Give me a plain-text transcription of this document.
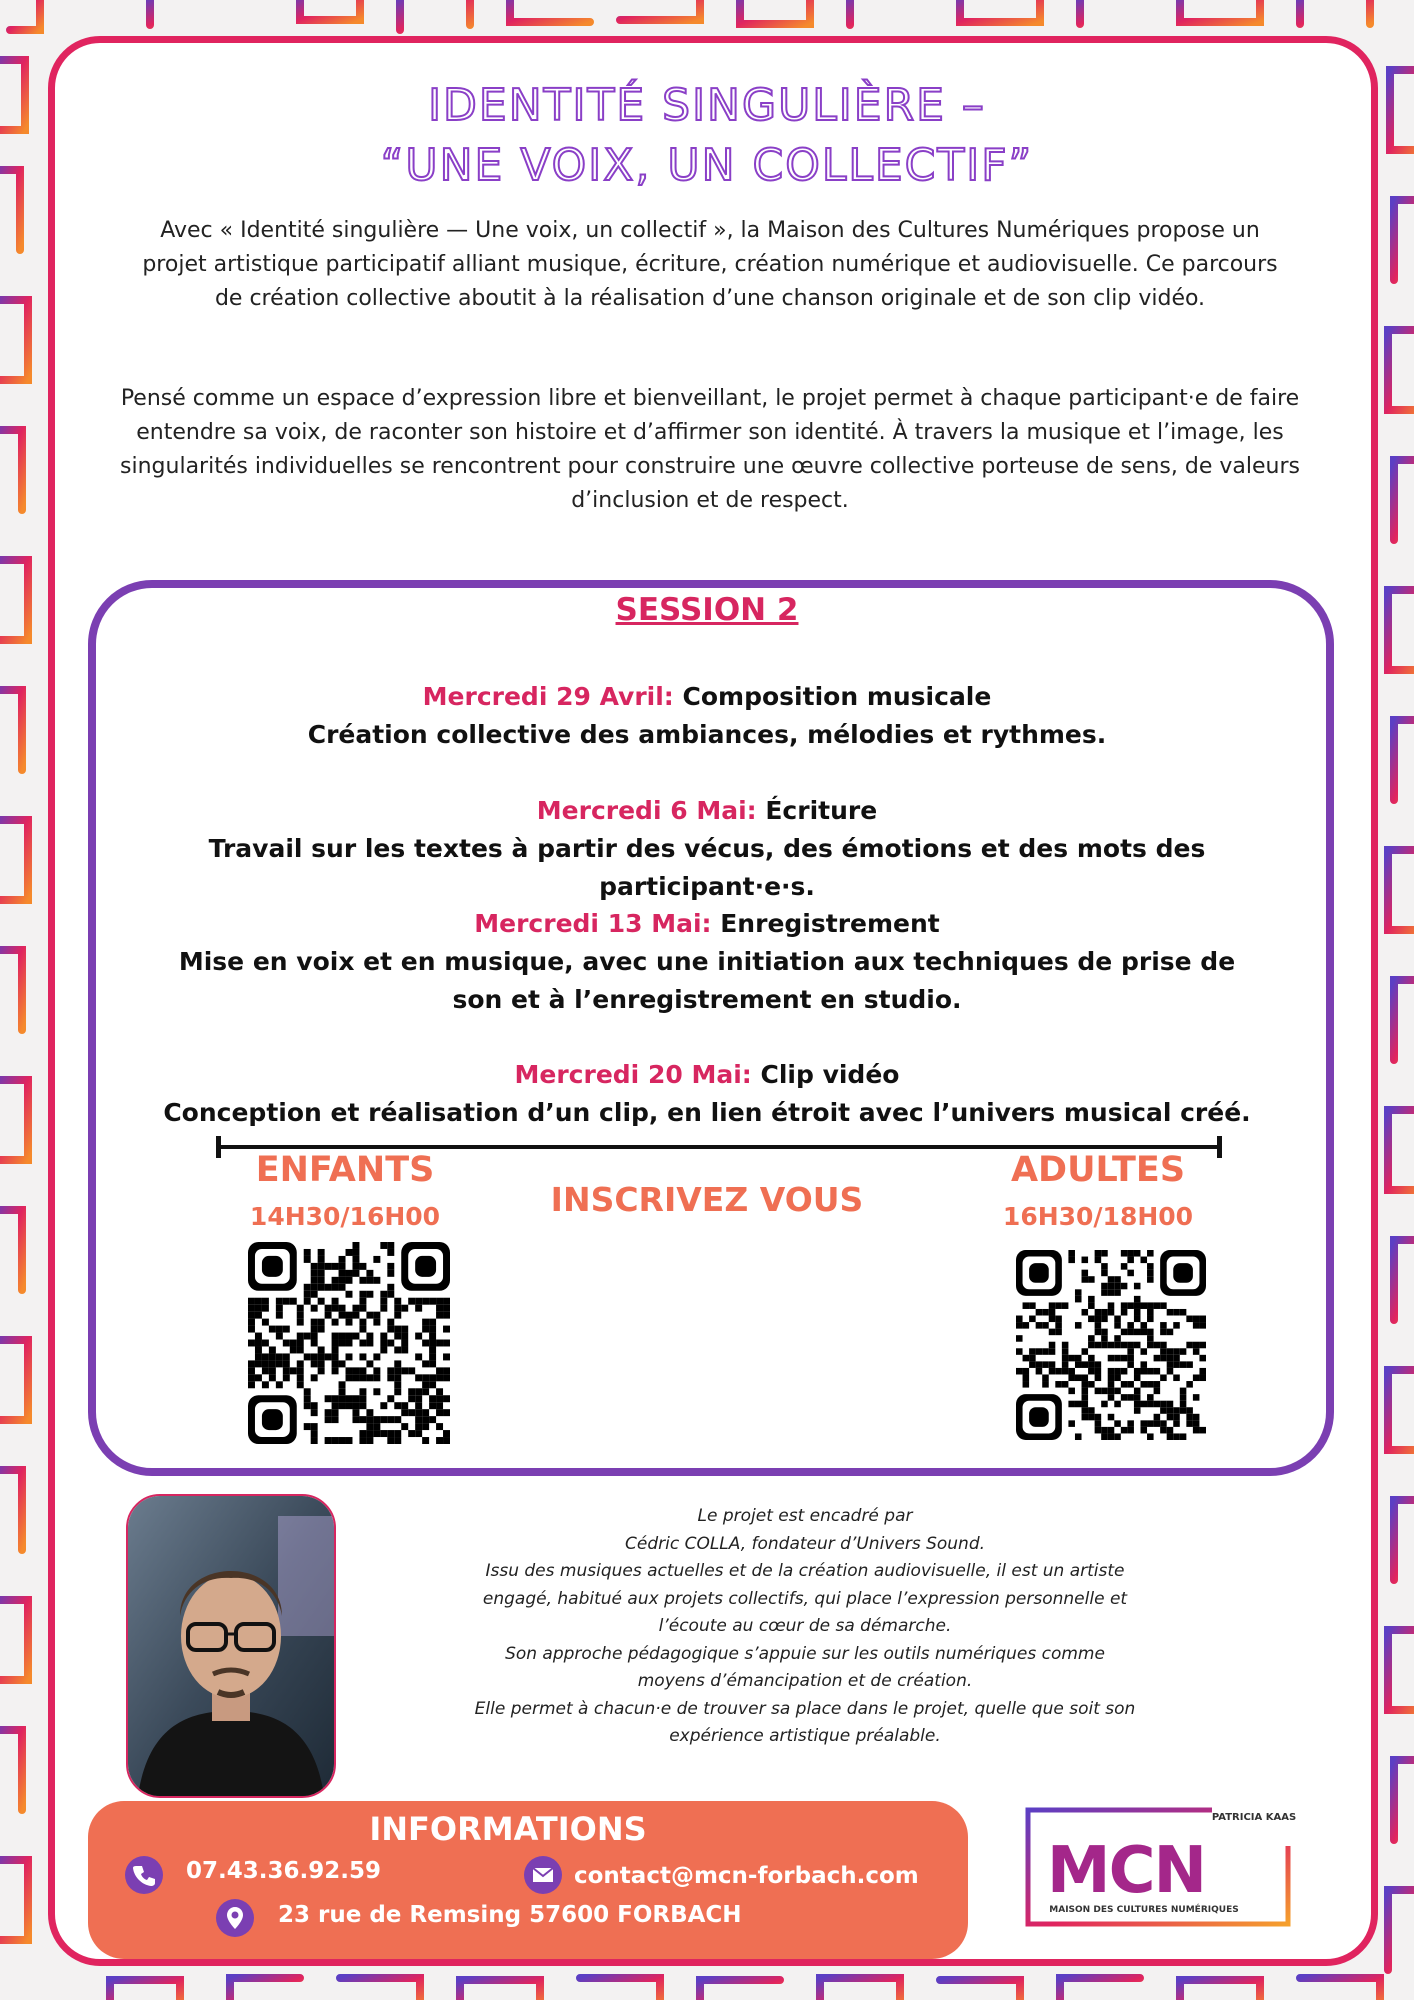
IDENTITÉ SINGULIÈRE –
“UNE VOIX, UN COLLECTIF”
Avec « Identité singulière — Une voix, un collectif », la Maison des Cultures Numériques propose un projet artistique participatif alliant musique, écriture, création numérique et audiovisuelle. Ce parcours de création collective aboutit à la réalisation d’une chanson originale et de son clip vidéo.
Pensé comme un espace d’expression libre et bienveillant, le projet permet à chaque participant·e de faire entendre sa voix, de raconter son histoire et d’affirmer son identité. À travers la musique et l’image, les singularités individuelles se rencontrent pour construire une œuvre collective porteuse de sens, de valeurs d’inclusion et de respect.
SESSION 2
Mercredi 29 Avril: Composition musicale
Création collective des ambiances, mélodies et rythmes.
Mercredi 6 Mai: Écriture
Travail sur les textes à partir des vécus, des émotions et des mots des participant·e·s.
Mercredi 13 Mai: Enregistrement
Mise en voix et en musique, avec une initiation aux techniques de prise de son et à l’enregistrement en studio.
Mercredi 20 Mai: Clip vidéo
Conception et réalisation d’un clip, en lien étroit avec l’univers musical créé.
ENFANTS
14H30/16H00	INSCRIVEZ VOUS
ADULTES
16H30/18H00
Le projet est encadré par
Cédric COLLA, fondateur d’Univers Sound.
Issu des musiques actuelles et de la création audiovisuelle, il est un artiste
engagé, habitué aux projets collectifs, qui place l’expression personnelle et
l’écoute au cœur de sa démarche.
Son approche pédagogique s’appuie sur les outils numériques comme
moyens d’émancipation et de création.
Elle permet à chacun·e de trouver sa place dans le projet, quelle que soit son
expérience artistique préalable.
INFORMATIONS
07.43.36.92.59	contact@mcn-forbach.com
23 rue de Remsing 57600 FORBACH
PATRICIA KAAS
MCN
MAISON DES CULTURES NUMÉRIQUES
